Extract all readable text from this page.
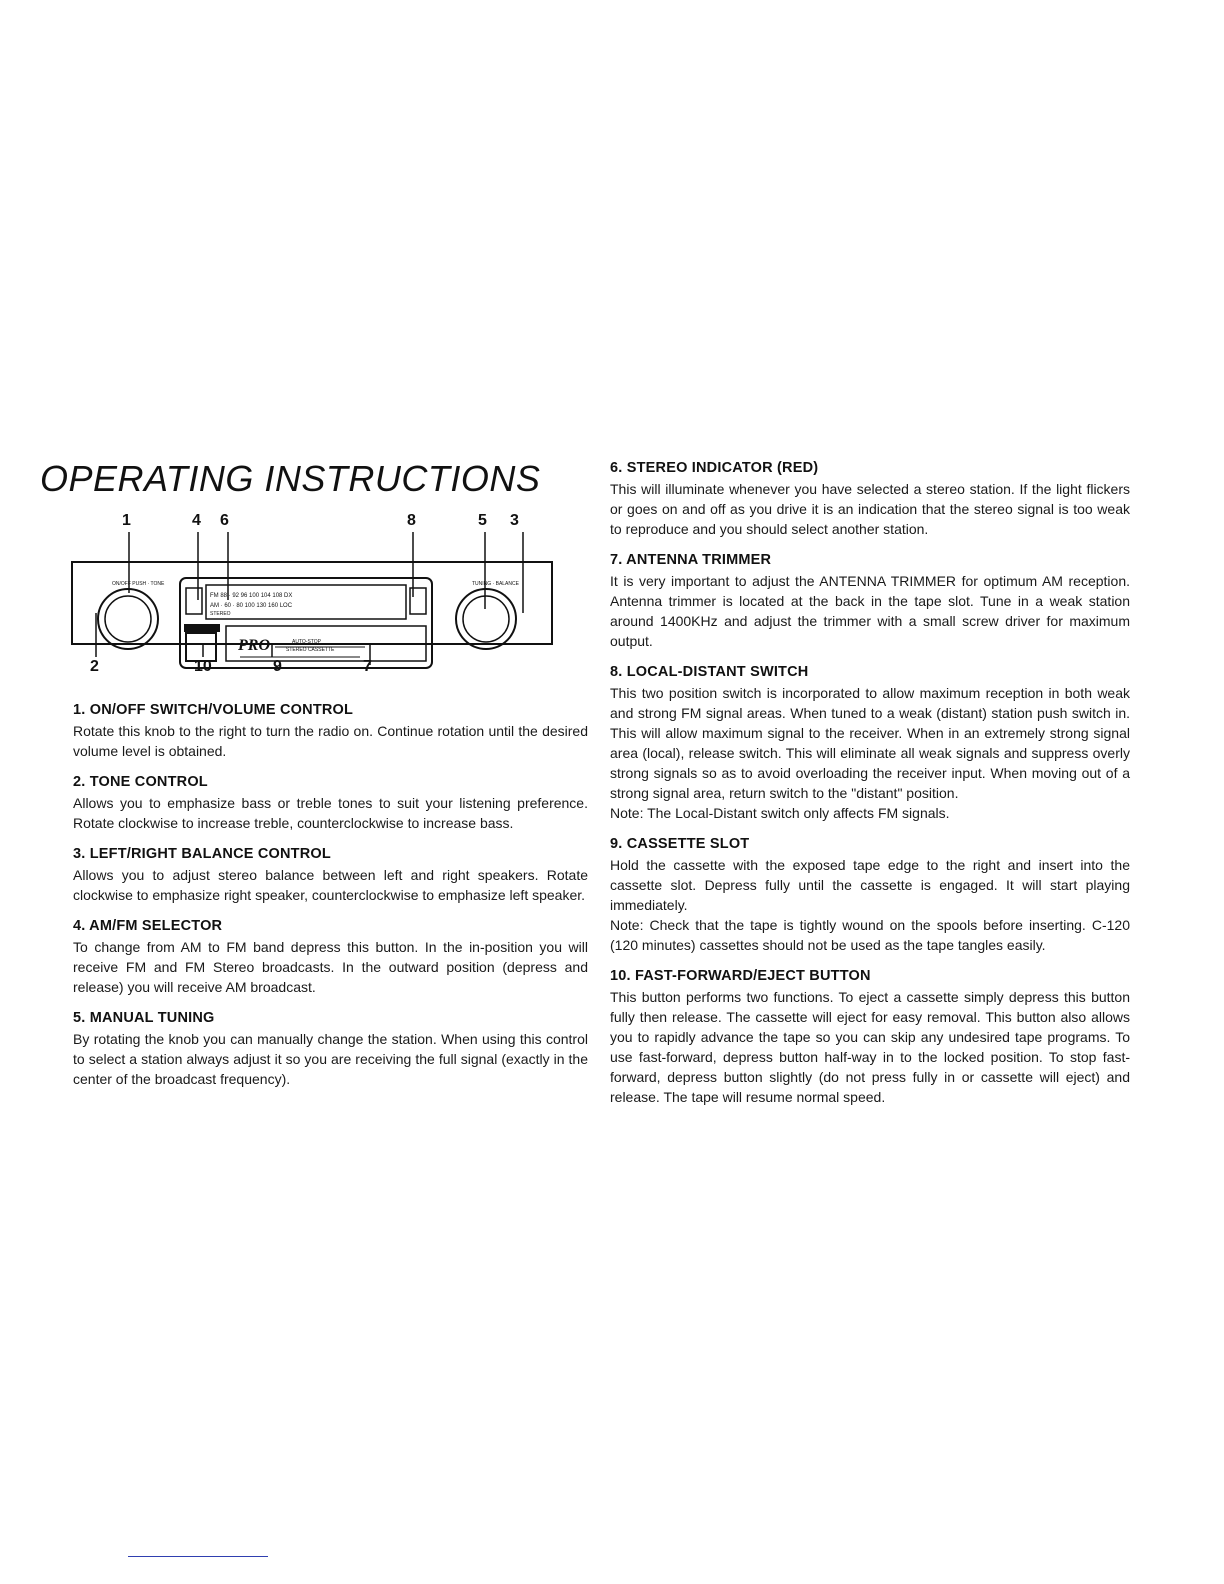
OPERATING INSTRUCTIONS
1	4 6	8	5 3
ON/OFF PUSH · TONE	TUNING · BALANCE
FM 88 · 92 96 100 104 108 DX
AM · 60 · 80 100 130 160 LOC
STEREO
PRO	AUTO-STOP
STEREO CASSETTE
2	10	9	7
1. ON/OFF SWITCH/VOLUME CONTROL

Rotate this knob to the right to turn the radio on. Continue rotation until the desired volume level is obtained.

2. TONE CONTROL

Allows you to emphasize bass or treble tones to suit your listening preference. Rotate clockwise to increase treble, counterclockwise to increase bass.

3. LEFT/RIGHT BALANCE CONTROL

Allows you to adjust stereo balance between left and right speakers. Rotate clockwise to emphasize right speaker, counterclockwise to emphasize left speaker.

4. AM/FM SELECTOR

To change from AM to FM band depress this button. In the in-position you will receive FM and FM Stereo broadcasts. In the outward position (depress and release) you will receive AM broadcast.

5. MANUAL TUNING

By rotating the knob you can manually change the station. When using this control to select a station always adjust it so you are receiving the full signal (exactly in the center of the broadcast frequency).

6. STEREO INDICATOR (RED)

This will illuminate whenever you have selected a stereo station. If the light flickers or goes on and off as you drive it is an indication that the stereo signal is too weak to reproduce and you should select another station.

7. ANTENNA TRIMMER

It is very important to adjust the ANTENNA TRIMMER for optimum AM reception. Antenna trimmer is located at the back in the tape slot. Tune in a weak station around 1400KHz and adjust the trimmer with a small screw driver for maximum output.

8. LOCAL-DISTANT SWITCH

This two position switch is incorporated to allow maximum reception in both weak and strong FM signal areas. When tuned to a weak (distant) station push switch in. This will allow maximum signal to the receiver. When in an extremely strong signal area (local), release switch. This will eliminate all weak signals and suppress overly strong signals so as to avoid overloading the receiver input. When moving out of a strong signal area, return switch to the "distant" position.

Note: The Local-Distant switch only affects FM signals.

9. CASSETTE SLOT

Hold the cassette with the exposed tape edge to the right and insert into the cassette slot. Depress fully until the cassette is engaged. It will start playing immediately.

Note: Check that the tape is tightly wound on the spools before inserting. C-120 (120 minutes) cassettes should not be used as the tape tangles easily.

10. FAST-FORWARD/EJECT BUTTON

This button performs two functions. To eject a cassette simply depress this button fully then release. The cassette will eject for easy removal. This button also allows you to rapidly advance the tape so you can skip any undesired tape programs. To use fast-forward, depress button half-way in to the locked position. To stop fast-forward, depress button slightly (do not press fully in or cassette will eject) and release. The tape will resume normal speed.
